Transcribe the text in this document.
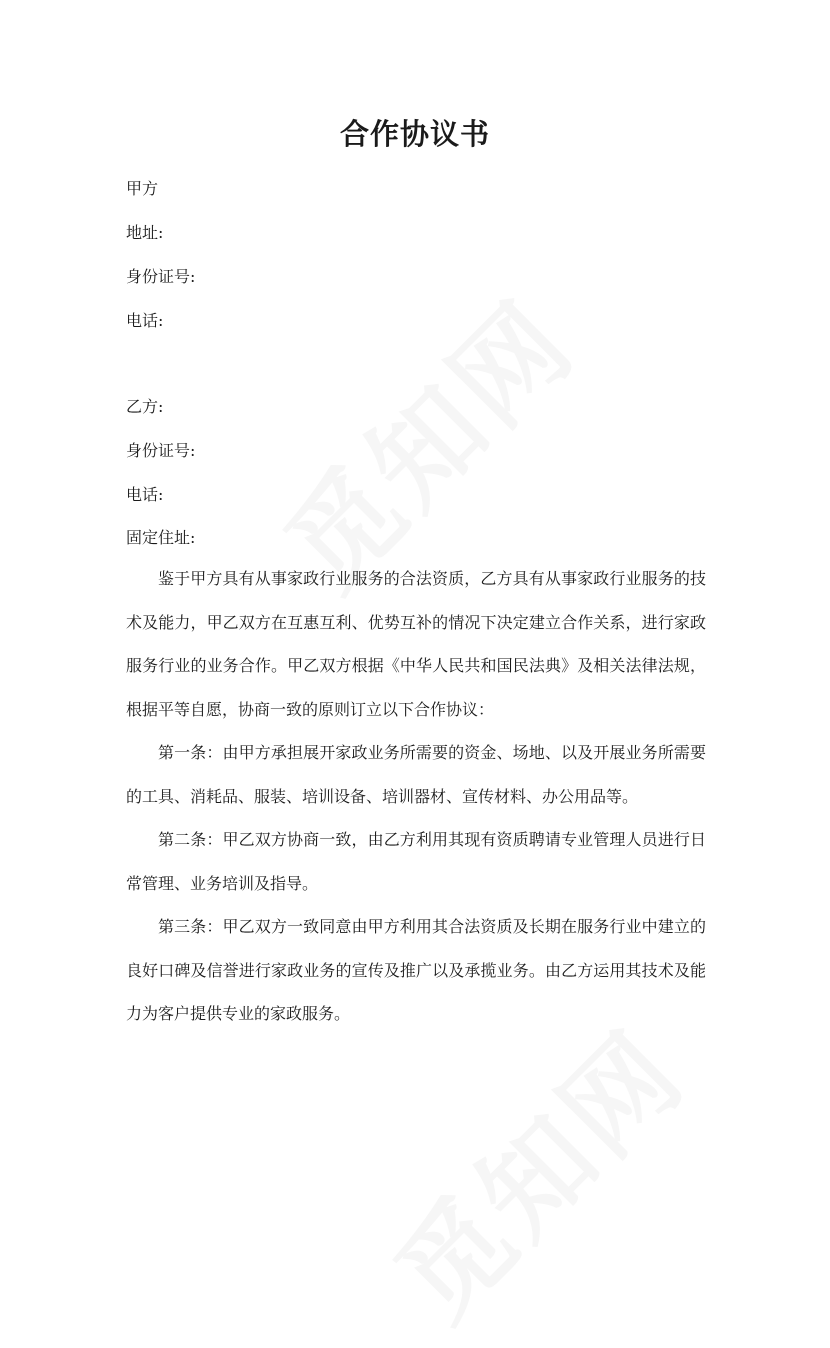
合作协议书

甲方

地址:

身份证号:

电话:

乙方:

身份证号:

电话:

固定住址:

鉴于甲方具有从事家政行业服务的合法资质，乙方具有从事家政行业服务的技术及能力，甲乙双方在互惠互利、优势互补的情况下决定建立合作关系，进行家政服务行业的业务合作。甲乙双方根据《中华人民共和国民法典》及相关法律法规，根据平等自愿，协商一致的原则订立以下合作协议：

第一条：由甲方承担展开家政业务所需要的资金、场地、以及开展业务所需要的工具、消耗品、服装、培训设备、培训器材、宣传材料、办公用品等。

第二条：甲乙双方协商一致，由乙方利用其现有资质聘请专业管理人员进行日常管理、业务培训及指导。

第三条：甲乙双方一致同意由甲方利用其合法资质及长期在服务行业中建立的良好口碑及信誉进行家政业务的宣传及推广以及承揽业务。由乙方运用其技术及能力为客户提供专业的家政服务。
